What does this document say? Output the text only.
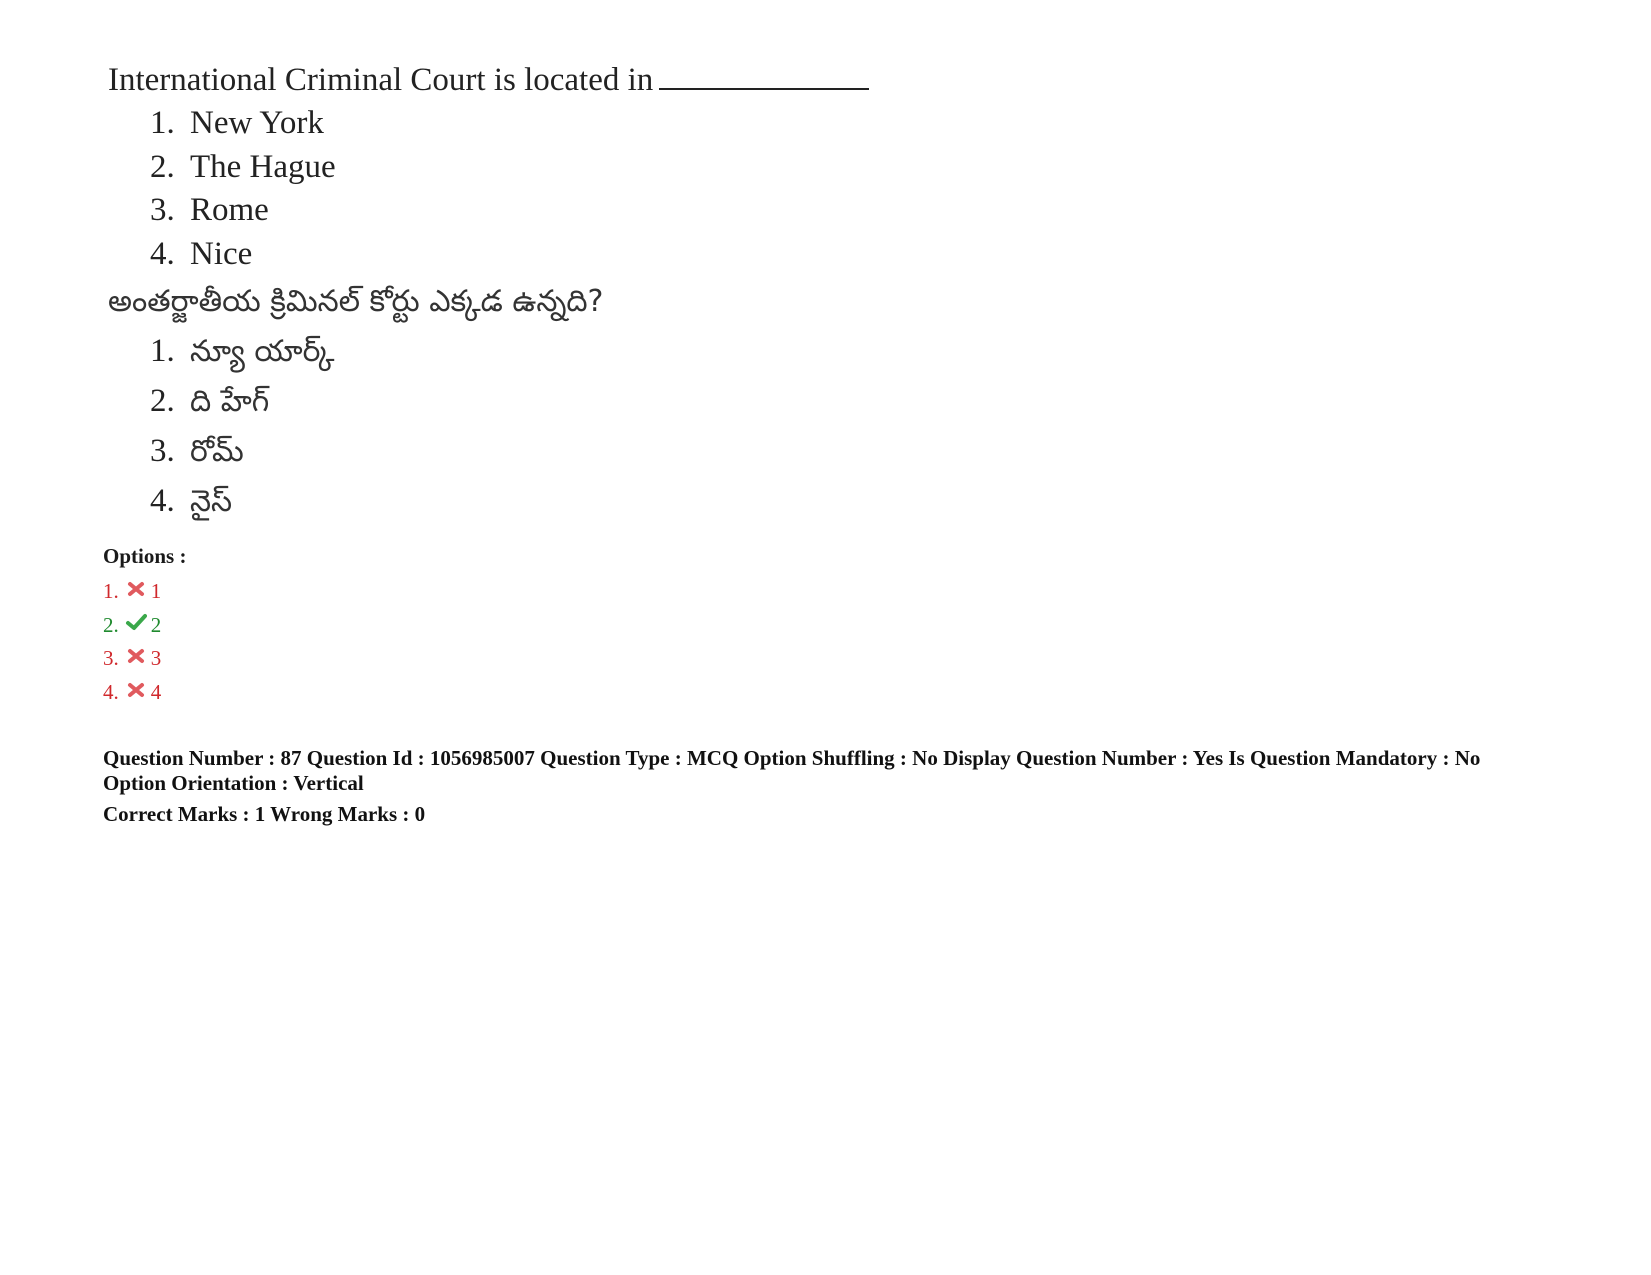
International Criminal Court is located in
1. New York
2. The Hague
3. Rome
4. Nice
అంతర్జాతీయ క్రిమినల్ కోర్టు ఎక్కడ ఉన్నది?
1. న్యూ యార్క్
2. ది హేగ్
3. రోమ్
4. నైస్
Options :
1. 1
2. 2
3. 3
4. 4
Question Number : 87 Question Id : 1056985007 Question Type : MCQ Option Shuffling : No Display Question Number : Yes Is Question Mandatory : No
Option Orientation : Vertical
Correct Marks : 1 Wrong Marks : 0
